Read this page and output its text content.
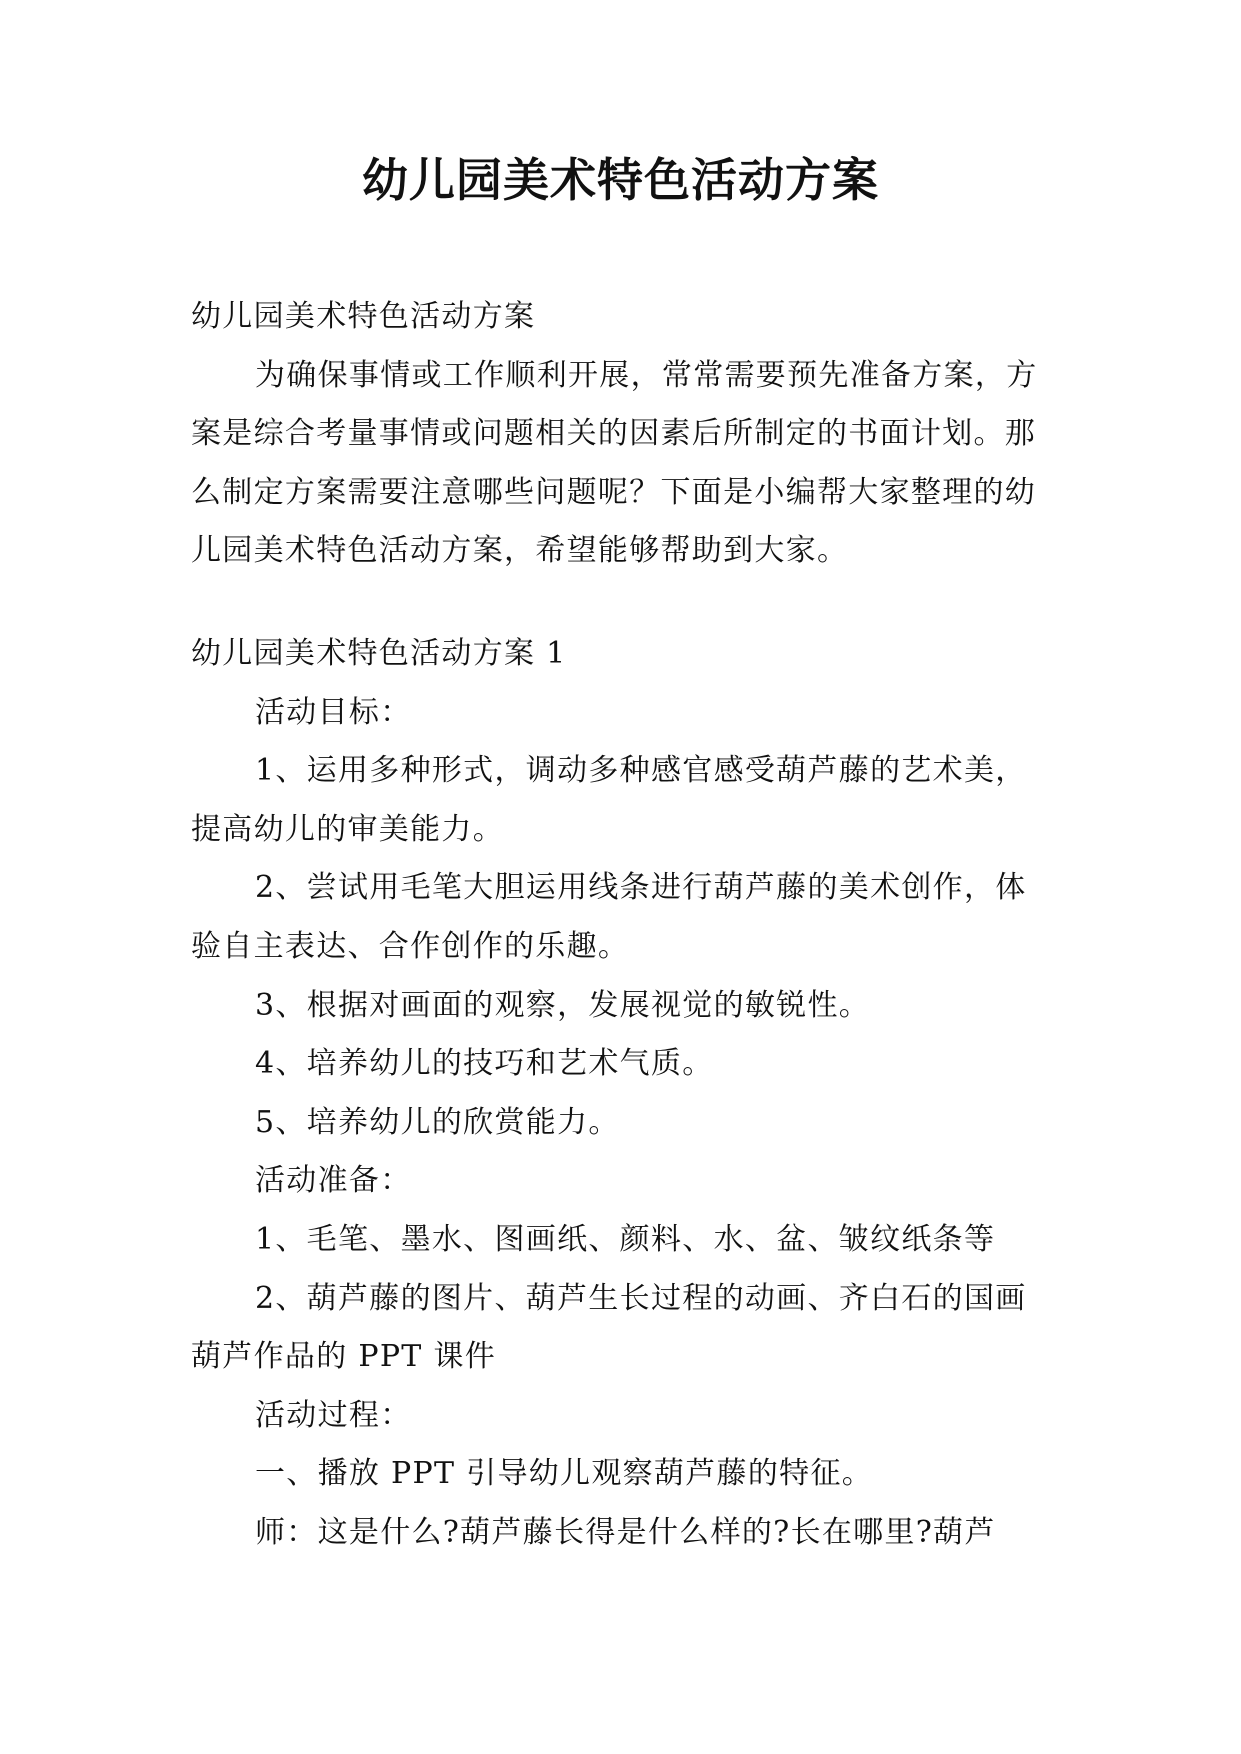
幼儿园美术特色活动方案

幼儿园美术特色活动方案

为确保事情或工作顺利开展，常常需要预先准备方案，方案是综合考量事情或问题相关的因素后所制定的书面计划。那么制定方案需要注意哪些问题呢？下面是小编帮大家整理的幼儿园美术特色活动方案，希望能够帮助到大家。

幼儿园美术特色活动方案 1

活动目标：

1、运用多种形式，调动多种感官感受葫芦藤的艺术美，提高幼儿的审美能力。

2、尝试用毛笔大胆运用线条进行葫芦藤的美术创作，体验自主表达、合作创作的乐趣。

3、根据对画面的观察，发展视觉的敏锐性。

4、培养幼儿的技巧和艺术气质。

5、培养幼儿的欣赏能力。

活动准备：

1、毛笔、墨水、图画纸、颜料、水、盆、皱纹纸条等

2、葫芦藤的图片、葫芦生长过程的动画、齐白石的国画葫芦作品的 PPT 课件

活动过程：

一、播放 PPT 引导幼儿观察葫芦藤的特征。

师：这是什么?葫芦藤长得是什么样的?长在哪里?葫芦
